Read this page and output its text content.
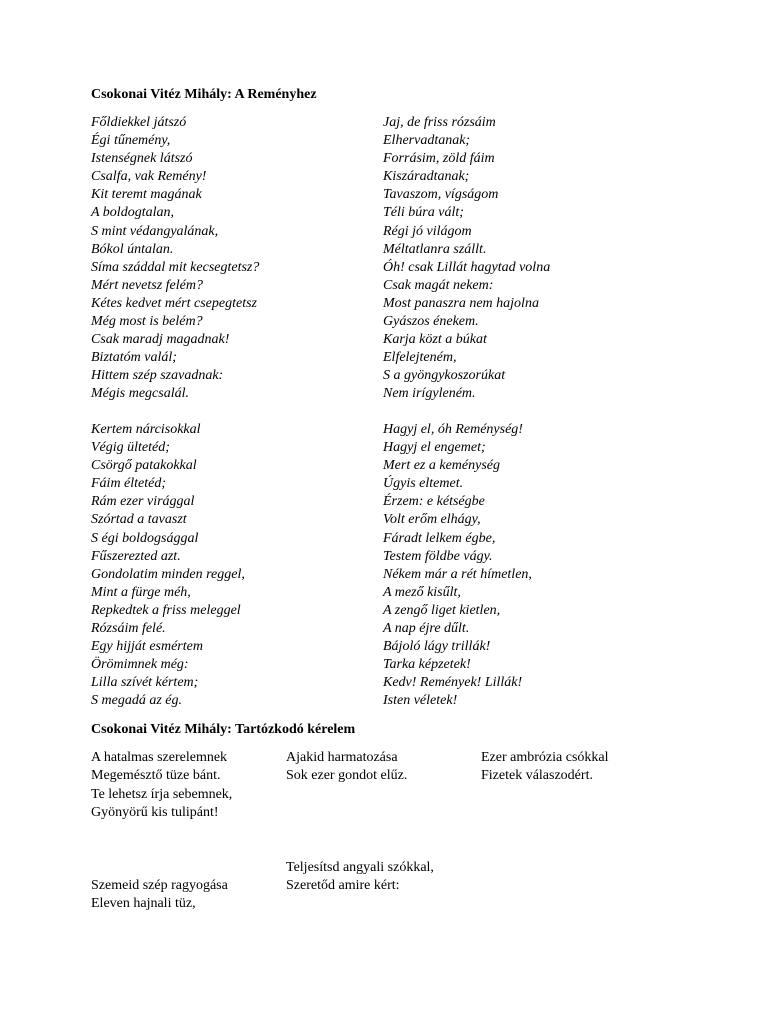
Csokonai Vitéz Mihály: A Reményhez
Főldiekkel játszó
Égi tűnemény,
Istenségnek látszó
Csalfa, vak Remény!
Kit teremt magának
A boldogtalan,
S mint védangyalának,
Bókol úntalan.
Síma száddal mit kecsegtetsz?
Mért nevetsz felém?
Kétes kedvet mért csepegtetsz
Még most is belém?
Csak maradj magadnak!
Biztatóm valál;
Hittem szép szavadnak:
Mégis megcsalál.
Jaj, de friss rózsáim
Elhervadtanak;
Forrásim, zöld fáim
Kiszáradtanak;
Tavaszom, vígságom
Téli búra vált;
Régi jó világom
Méltatlanra szállt.
Óh! csak Lillát hagytad volna
Csak magát nekem:
Most panaszra nem hajolna
Gyászos énekem.
Karja közt a búkat
Elfelejteném,
S a gyöngykoszorúkat
Nem irígyleném.
Kertem nárcisokkal
Végig ültetéd;
Csörgő patakokkal
Fáim éltetéd;
Rám ezer virággal
Szórtad a tavaszt
S égi boldogsággal
Fűszerezted azt.
Gondolatim minden reggel,
Mint a fürge méh,
Repkedtek a friss meleggel
Rózsáim felé.
Egy hijját esmértem
Örömimnek még:
Lilla szívét kértem;
S megadá az ég.
Hagyj el, óh Reménység!
Hagyj el engemet;
Mert ez a keménység
Úgyis eltemet.
Érzem: e kétségbe
Volt erőm elhágy,
Fáradt lelkem égbe,
Testem földbe vágy.
Nékem már a rét hímetlen,
A mező kisűlt,
A zengő liget kietlen,
A nap éjre dűlt.
Bájoló lágy trillák!
Tarka képzetek!
Kedv! Remények! Lillák!
Isten véletek!
Csokonai Vitéz Mihály: Tartózkodó kérelem
A hatalmas szerelemnek
Megemésztő tüze bánt.
Te lehetsz írja sebemnek,
Gyönyörű kis tulipánt!
Ajakid harmatozása
Sok ezer gondot elűz.
Ezer ambrózia csókkal
Fizetek válaszodért.
Teljesítsd angyali szókkal,
Szeretőd amire kért:
Szemeid szép ragyogása
Eleven hajnali tüz,
